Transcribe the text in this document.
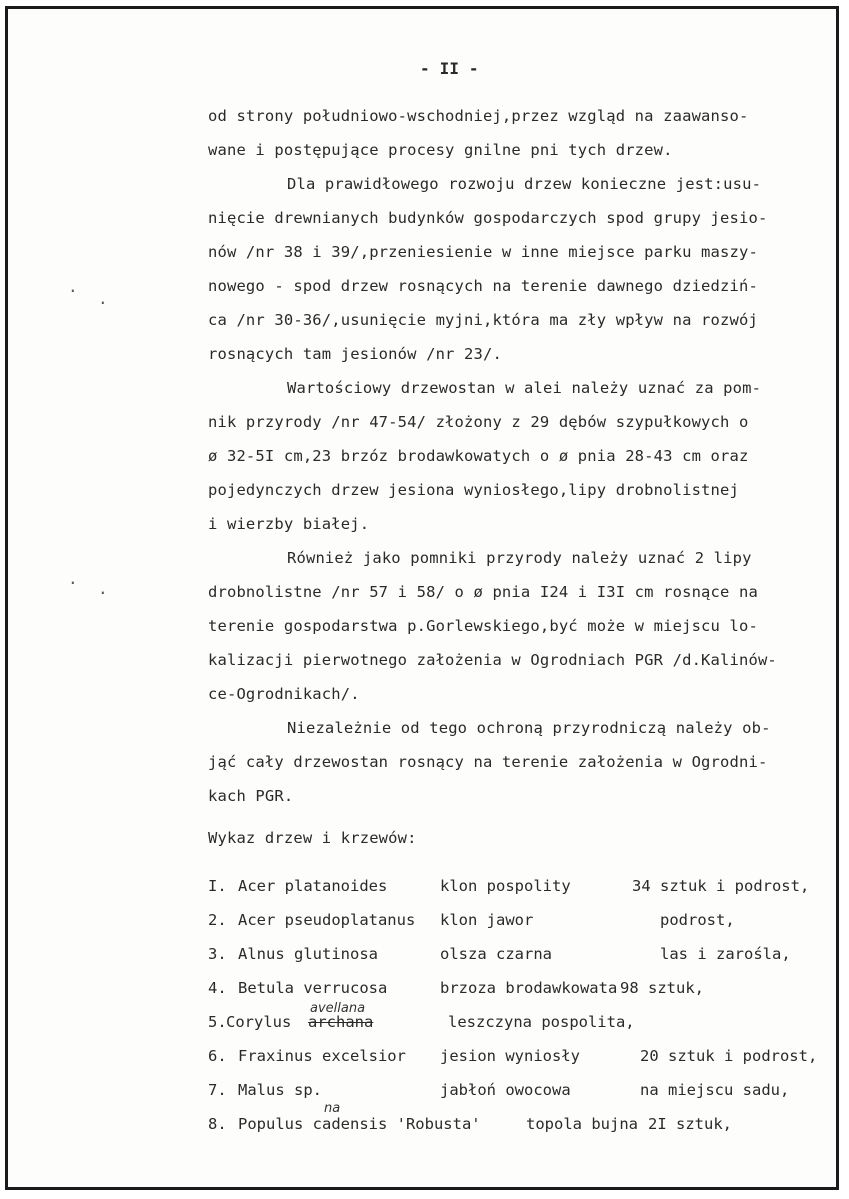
- II -
od strony południowo-wschodniej,przez wzgląd na zaawanso-
wane i postępujące procesy gnilne pni tych drzew.
Dla prawidłowego rozwoju drzew konieczne jest:usu-
nięcie drewnianych budynków gospodarczych spod grupy jesio-
nów /nr 38 i 39/,przeniesienie w inne miejsce parku maszy-
nowego - spod drzew rosnących na terenie dawnego dziedziń-
ca /nr 30-36/,usunięcie myjni,która ma zły wpływ na rozwój
rosnących tam jesionów /nr 23/.
Wartościowy drzewostan w alei należy uznać za pom-
nik przyrody /nr 47-54/ złożony z 29 dębów szypułkowych o
ø 32-5I cm,23 brzóz brodawkowatych o ø pnia 28-43 cm oraz
pojedynczych drzew jesiona wyniosłego,lipy drobnolistnej
i wierzby białej.
Również jako pomniki przyrody należy uznać 2 lipy
drobnolistne /nr 57 i 58/ o ø pnia I24 i I3I cm rosnące na
terenie gospodarstwa p.Gorlewskiego,być może w miejscu lo-
kalizacji pierwotnego założenia w Ogrodniach PGR /d.Kalinów-
ce-Ogrodnikach/.
Niezależnie od tego ochroną przyrodniczą należy ob-
jąć cały drzewostan rosnący na terenie założenia w Ogrodni-
kach PGR.
.
.
.
.
Wykaz drzew i krzewów:
I. Acer platanoides	klon pospolity	34 sztuk i podrost,
2. Acer pseudoplatanus klon jawor	podrost,
3. Alnus glutinosa	olsza czarna	las i zarośla,
4. Betula verrucosa	brzoza brodawkowata 98 sztuk,
5. Corylus archana	leszczyna pospolita,
avellana
6. Fraxinus excelsior jesion wyniosły	20 sztuk i podrost,
7. Malus sp.	jabłoń owocowa	na miejscu sadu,
8. Populus cadensis 'Robusta'	topola bujna 2I sztuk,
na
